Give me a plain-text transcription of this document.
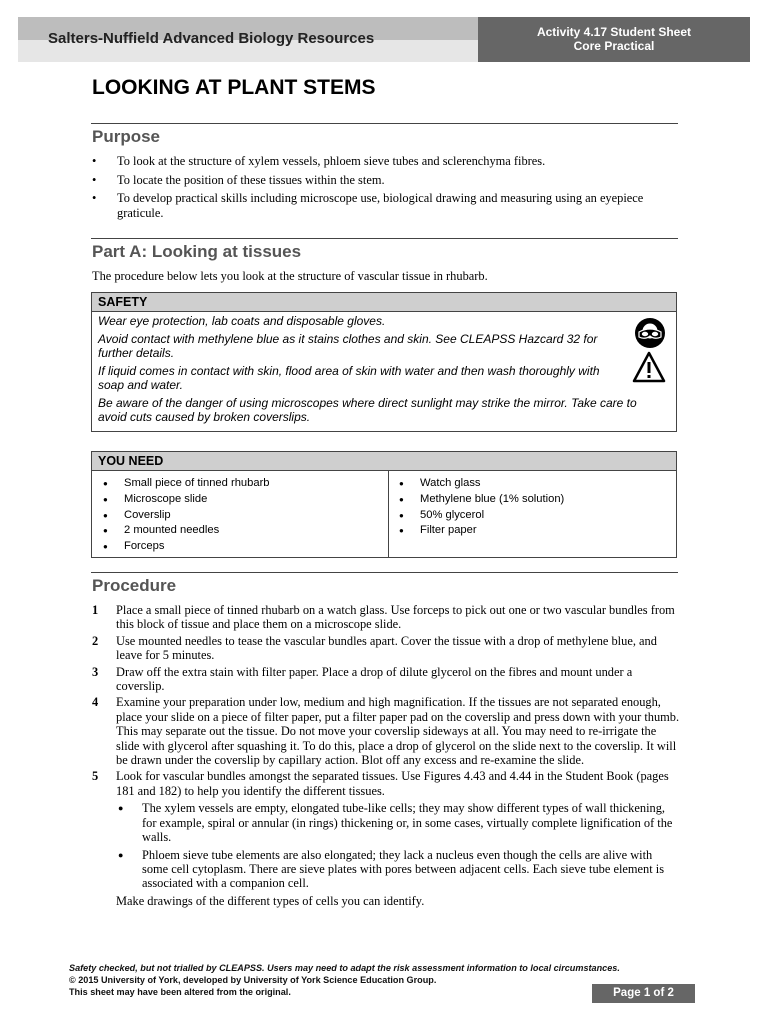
Salters-Nuffield Advanced Biology Resources	Activity 4.17 Student Sheet
Core Practical
LOOKING AT PLANT STEMS
Purpose
• To look at the structure of xylem vessels, phloem sieve tubes and sclerenchyma fibres.
• To locate the position of these tissues within the stem.
• To develop practical skills including microscope use, biological drawing and measuring using an eyepiece graticule.
Part A: Looking at tissues
The procedure below lets you look at the structure of vascular tissue in rhubarb.
SAFETY

Wear eye protection, lab coats and disposable gloves.

Avoid contact with methylene blue as it stains clothes and skin. See CLEAPSS Hazcard 32 for further details.

If liquid comes in contact with skin, flood area of skin with water and then wash thoroughly with soap and water.

Be aware of the danger of using microscopes where direct sunlight may strike the mirror. Take care to avoid cuts caused by broken coverslips.

YOU NEED
● Small piece of tinned rhubarb
● Microscope slide
● Coverslip
● 2 mounted needles
● Forceps
● Watch glass
● Methylene blue (1% solution)
● 50% glycerol
● Filter paper
Procedure
1 Place a small piece of tinned rhubarb on a watch glass. Use forceps to pick out one or two vascular bundles from this block of tissue and place them on a microscope slide.
2 Use mounted needles to tease the vascular bundles apart. Cover the tissue with a drop of methylene blue, and leave for 5 minutes.
3 Draw off the extra stain with filter paper. Place a drop of dilute glycerol on the fibres and mount under a coverslip.
4 Examine your preparation under low, medium and high magnification. If the tissues are not separated enough, place your slide on a piece of filter paper, put a filter paper pad on the coverslip and press down with your thumb. This may separate out the tissue. Do not move your coverslip sideways at all. You may need to re-irrigate the slide with glycerol after squashing it. To do this, place a drop of glycerol on the slide next to the coverslip. It will be drawn under the coverslip by capillary action. Blot off any excess and re-examine the slide.
5 Look for vascular bundles amongst the separated tissues. Use Figures 4.43 and 4.44 in the Student Book (pages 181 and 182) to help you identify the different tissues.
● The xylem vessels are empty, elongated tube-like cells; they may show different types of wall thickening, for example, spiral or annular (in rings) thickening or, in some cases, virtually complete lignification of the walls.
● Phloem sieve tube elements are also elongated; they lack a nucleus even though the cells are alive with some cell cytoplasm. There are sieve plates with pores between adjacent cells. Each sieve tube element is associated with a companion cell.
Make drawings of the different types of cells you can identify.
Safety checked, but not trialled by CLEAPSS. Users may need to adapt the risk assessment information to local circumstances.
© 2015 University of York, developed by University of York Science Education Group.
This sheet may have been altered from the original.	Page 1 of 2
